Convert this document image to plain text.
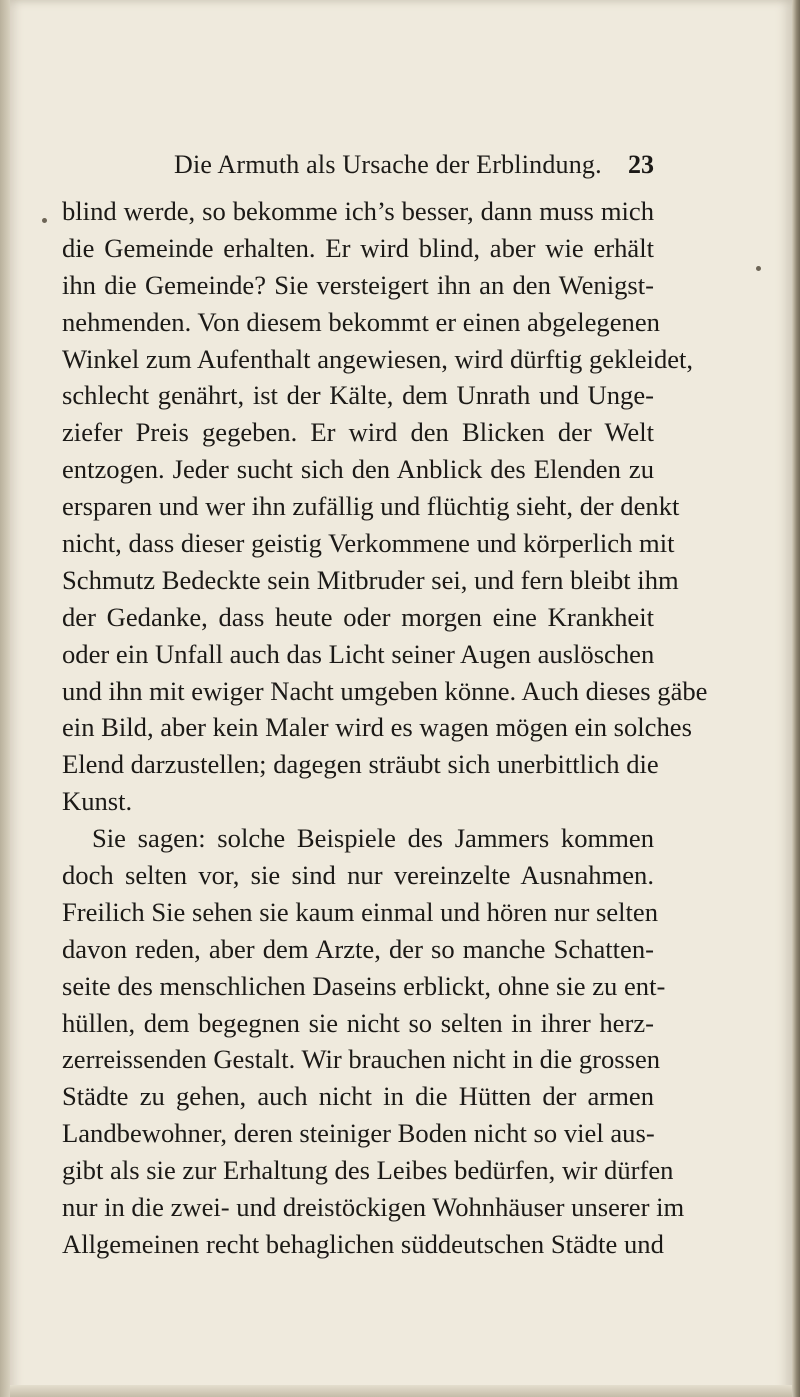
Die Armuth als Ursache der Erblindung. 23
blind werde, so bekomme ich’s besser, dann muss mich
die Gemeinde erhalten. Er wird blind, aber wie erhält
ihn die Gemeinde? Sie versteigert ihn an den Wenigst-
nehmenden. Von diesem bekommt er einen abgelegenen
Winkel zum Aufenthalt angewiesen, wird dürftig gekleidet,
schlecht genährt, ist der Kälte, dem Unrath und Unge-
ziefer Preis gegeben. Er wird den Blicken der Welt
entzogen. Jeder sucht sich den Anblick des Elenden zu
ersparen und wer ihn zufällig und flüchtig sieht, der denkt
nicht, dass dieser geistig Verkommene und körperlich mit
Schmutz Bedeckte sein Mitbruder sei, und fern bleibt ihm
der Gedanke, dass heute oder morgen eine Krankheit
oder ein Unfall auch das Licht seiner Augen auslöschen
und ihn mit ewiger Nacht umgeben könne. Auch dieses gäbe
ein Bild, aber kein Maler wird es wagen mögen ein solches
Elend darzustellen; dagegen sträubt sich unerbittlich die
Kunst.
Sie sagen: solche Beispiele des Jammers kommen
doch selten vor, sie sind nur vereinzelte Ausnahmen.
Freilich Sie sehen sie kaum einmal und hören nur selten
davon reden, aber dem Arzte, der so manche Schatten-
seite des menschlichen Daseins erblickt, ohne sie zu ent-
hüllen, dem begegnen sie nicht so selten in ihrer herz-
zerreissenden Gestalt. Wir brauchen nicht in die grossen
Städte zu gehen, auch nicht in die Hütten der armen
Landbewohner, deren steiniger Boden nicht so viel aus-
gibt als sie zur Erhaltung des Leibes bedürfen, wir dürfen
nur in die zwei- und dreistöckigen Wohnhäuser unserer im
Allgemeinen recht behaglichen süddeutschen Städte und
